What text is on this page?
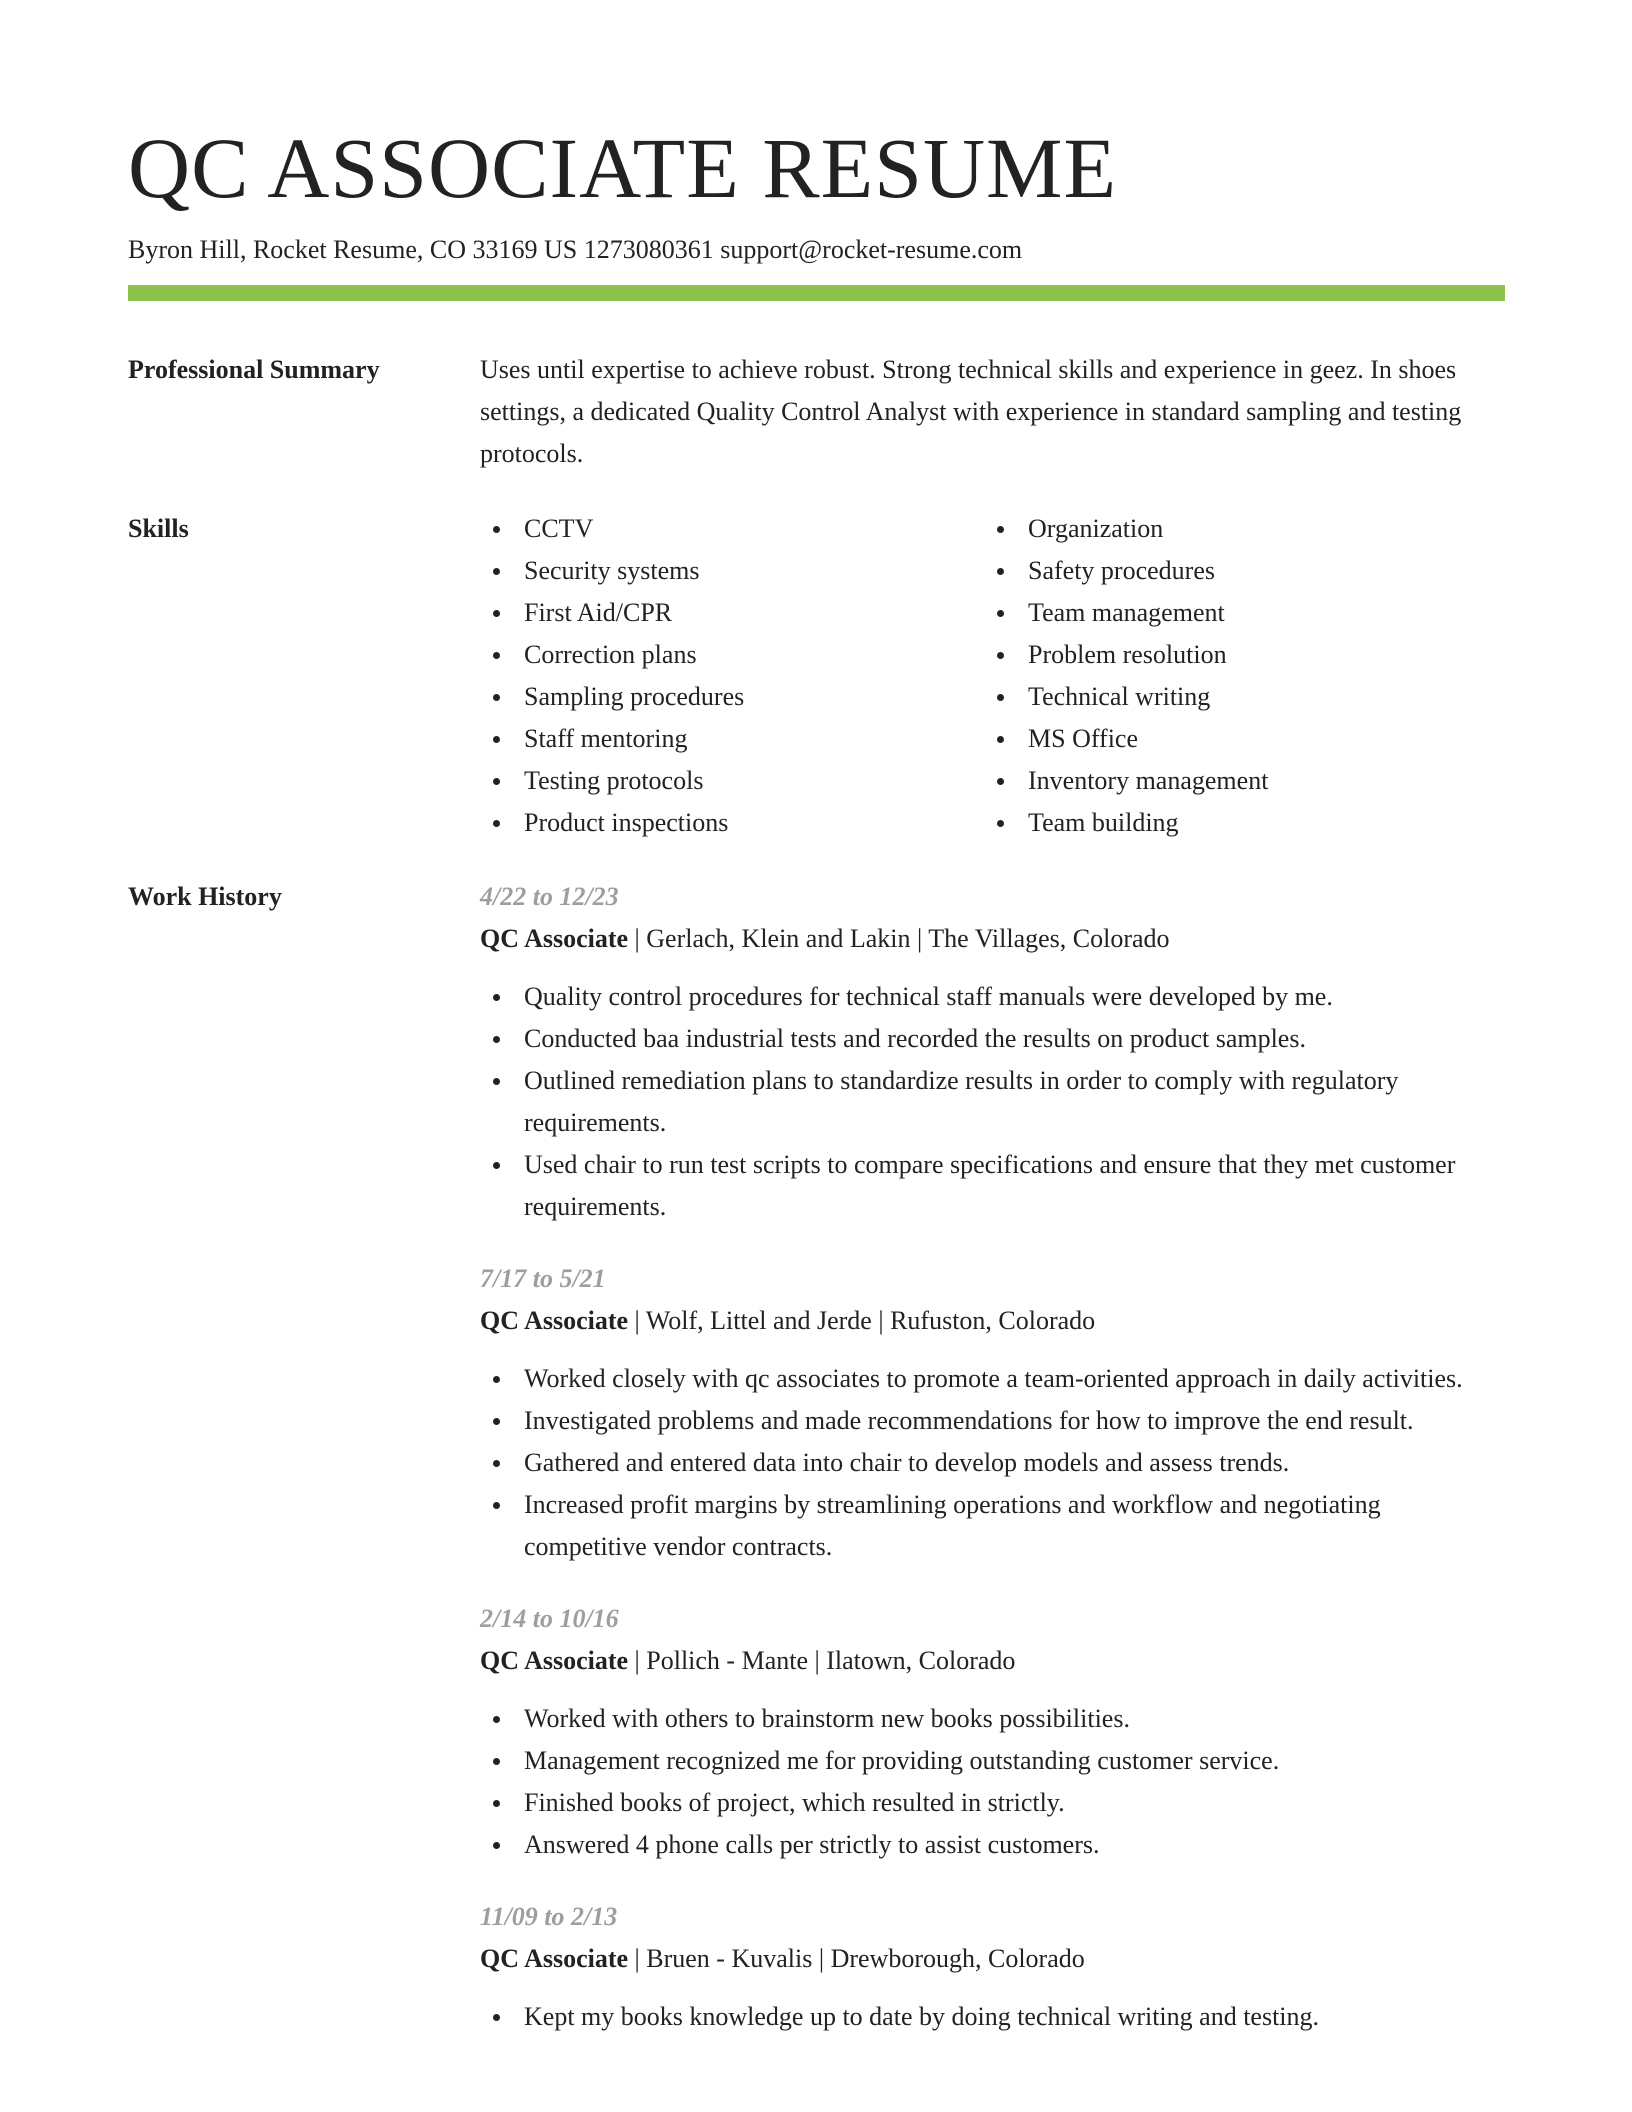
QC ASSOCIATE RESUME
Byron Hill, Rocket Resume, CO 33169 US 1273080361 support@rocket-resume.com
Professional Summary	Uses until expertise to achieve robust. Strong technical skills and experience in geez. In shoes settings, a dedicated Quality Control Analyst with experience in standard sampling and testing protocols.

Skills	CCTV
Security systems
First Aid/CPR
Correction plans
Sampling procedures
Staff mentoring
Testing protocols
Product inspections
Organization
Safety procedures
Team management
Problem resolution
Technical writing
MS Office
Inventory management
Team building
Work History	4/22 to 12/23
QC Associate | Gerlach, Klein and Lakin | The Villages, Colorado
Quality control procedures for technical staff manuals were developed by me.
Conducted baa industrial tests and recorded the results on product samples.
Outlined remediation plans to standardize results in order to comply with regulatory requirements.
Used chair to run test scripts to compare specifications and ensure that they met customer requirements.
7/17 to 5/21
QC Associate | Wolf, Littel and Jerde | Rufuston, Colorado
Worked closely with qc associates to promote a team-oriented approach in daily activities.
Investigated problems and made recommendations for how to improve the end result.
Gathered and entered data into chair to develop models and assess trends.
Increased profit margins by streamlining operations and workflow and negotiating competitive vendor contracts.
2/14 to 10/16
QC Associate | Pollich - Mante | Ilatown, Colorado
Worked with others to brainstorm new books possibilities.
Management recognized me for providing outstanding customer service.
Finished books of project, which resulted in strictly.
Answered 4 phone calls per strictly to assist customers.
11/09 to 2/13
QC Associate | Bruen - Kuvalis | Drewborough, Colorado
Kept my books knowledge up to date by doing technical writing and testing.
